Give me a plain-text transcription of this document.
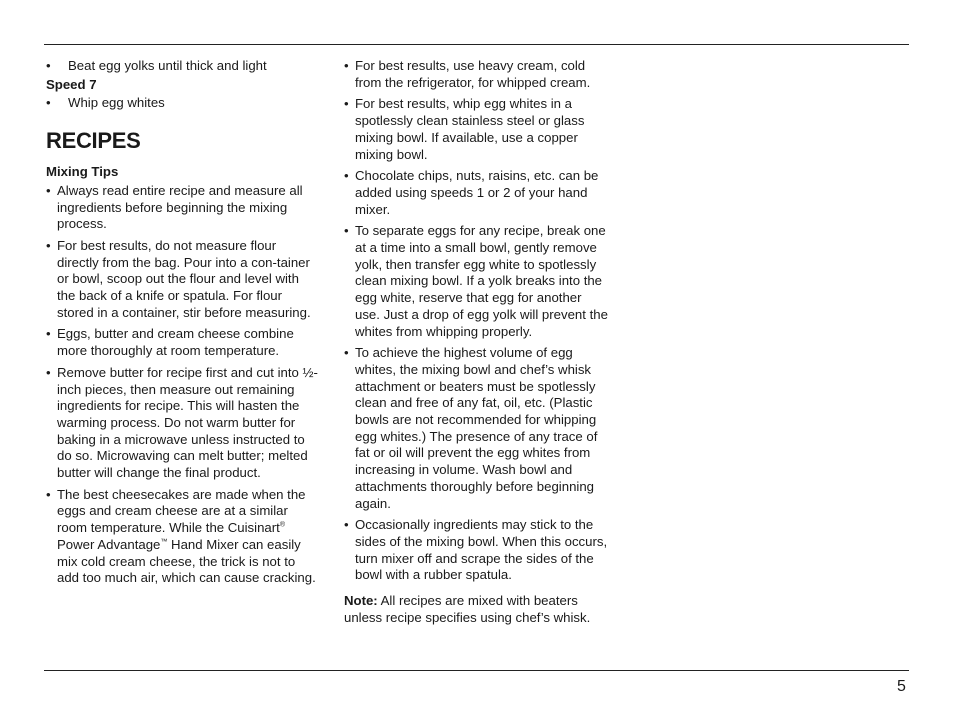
• Beat egg yolks until thick and light
Speed 7
• Whip egg whites
RECIPES
Mixing Tips
• Always read entire recipe and measure all ingredients before beginning the mixing process.
• For best results, do not measure flour directly from the bag. Pour into a con-tainer or bowl, scoop out the flour and level with the back of a knife or spatula. For flour stored in a container, stir before measuring.
• Eggs, butter and cream cheese combine more thoroughly at room temperature.
• Remove butter for recipe first and cut into ½-inch pieces, then measure out remaining ingredients for recipe. This will hasten the warming process. Do not warm butter for baking in a microwave unless instructed to do so. Microwaving can melt butter; melted butter will change the final product.
• The best cheesecakes are made when the eggs and cream cheese are at a similar room temperature. While the Cuisinart® Power Advantage™ Hand Mixer can easily mix cold cream cheese, the trick is not to add too much air, which can cause cracking.
• For best results, use heavy cream, cold from the refrigerator, for whipped cream.
• For best results, whip egg whites in a spotlessly clean stainless steel or glass mixing bowl. If available, use a copper mixing bowl.
• Chocolate chips, nuts, raisins, etc. can be added using speeds 1 or 2 of your hand mixer.
• To separate eggs for any recipe, break one at a time into a small bowl, gently remove yolk, then transfer egg white to spotlessly clean mixing bowl. If a yolk breaks into the egg white, reserve that egg for another use. Just a drop of egg yolk will prevent the whites from whipping properly.
• To achieve the highest volume of egg whites, the mixing bowl and chef’s whisk attachment or beaters must be spotlessly clean and free of any fat, oil, etc. (Plastic bowls are not recommended for whipping egg whites.) The presence of any trace of fat or oil will prevent the egg whites from increasing in volume. Wash bowl and attachments thoroughly before beginning again.
• Occasionally ingredients may stick to the sides of the mixing bowl. When this occurs, turn mixer off and scrape the sides of the bowl with a rubber spatula.
Note: All recipes are mixed with beaters unless recipe specifies using chef’s whisk.
5
